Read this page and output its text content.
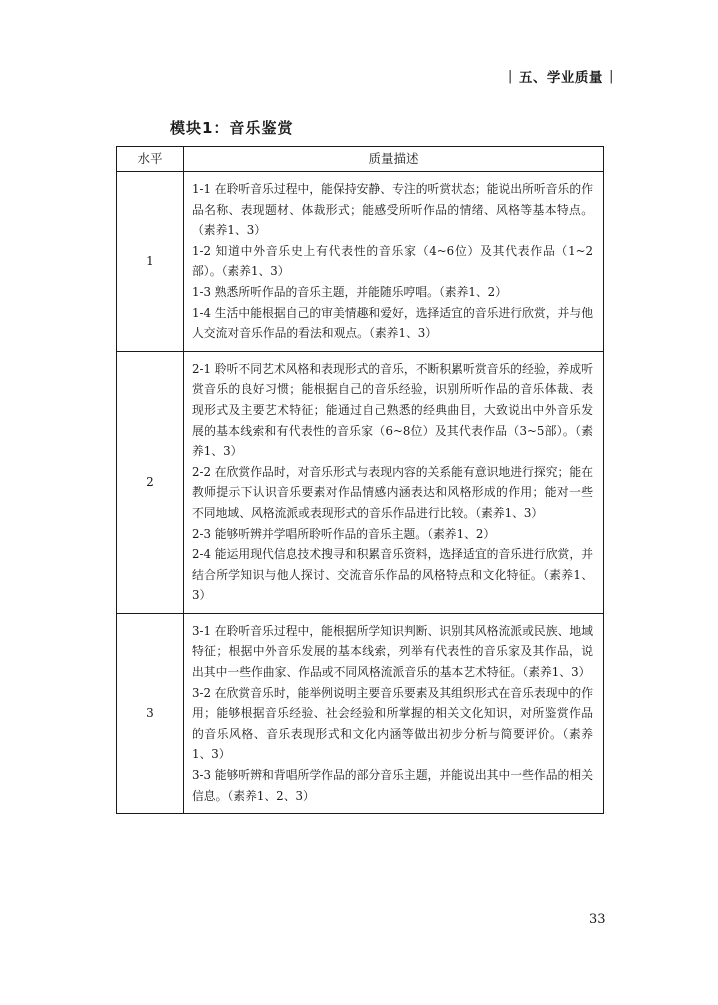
| 五、学业质量 |
模块1：音乐鉴赏
水平	质量描述
1	1-1 在聆听音乐过程中，能保持安静、专注的听赏状态；能说出所听音乐的作品名称、表现题材、体裁形式；能感受所听作品的情绪、风格等基本特点。（素养1、3）

1-2 知道中外音乐史上有代表性的音乐家（4~6位）及其代表作品（1~2部）。（素养1、3）

1-3 熟悉所听作品的音乐主题，并能随乐哼唱。（素养1、2）

1-4 生活中能根据自己的审美情趣和爱好，选择适宜的音乐进行欣赏，并与他人交流对音乐作品的看法和观点。（素养1、3）

2	2-1 聆听不同艺术风格和表现形式的音乐，不断积累听赏音乐的经验，养成听赏音乐的良好习惯；能根据自己的音乐经验，识别所听作品的音乐体裁、表现形式及主要艺术特征；能通过自己熟悉的经典曲目，大致说出中外音乐发展的基本线索和有代表性的音乐家（6~8位）及其代表作品（3~5部）。（素养1、3）

2-2 在欣赏作品时，对音乐形式与表现内容的关系能有意识地进行探究；能在教师提示下认识音乐要素对作品情感内涵表达和风格形成的作用；能对一些不同地域、风格流派或表现形式的音乐作品进行比较。（素养1、3）

2-3 能够听辨并学唱所聆听作品的音乐主题。（素养1、2）

2-4 能运用现代信息技术搜寻和积累音乐资料，选择适宜的音乐进行欣赏，并结合所学知识与他人探讨、交流音乐作品的风格特点和文化特征。（素养1、3）

3	3-1 在聆听音乐过程中，能根据所学知识判断、识别其风格流派或民族、地域特征；根据中外音乐发展的基本线索，列举有代表性的音乐家及其作品，说出其中一些作曲家、作品或不同风格流派音乐的基本艺术特征。（素养1、3）

3-2 在欣赏音乐时，能举例说明主要音乐要素及其组织形式在音乐表现中的作用；能够根据音乐经验、社会经验和所掌握的相关文化知识，对所鉴赏作品的音乐风格、音乐表现形式和文化内涵等做出初步分析与简要评价。（素养1、3）

3-3 能够听辨和背唱所学作品的部分音乐主题，并能说出其中一些作品的相关信息。（素养1、2、3）

33
